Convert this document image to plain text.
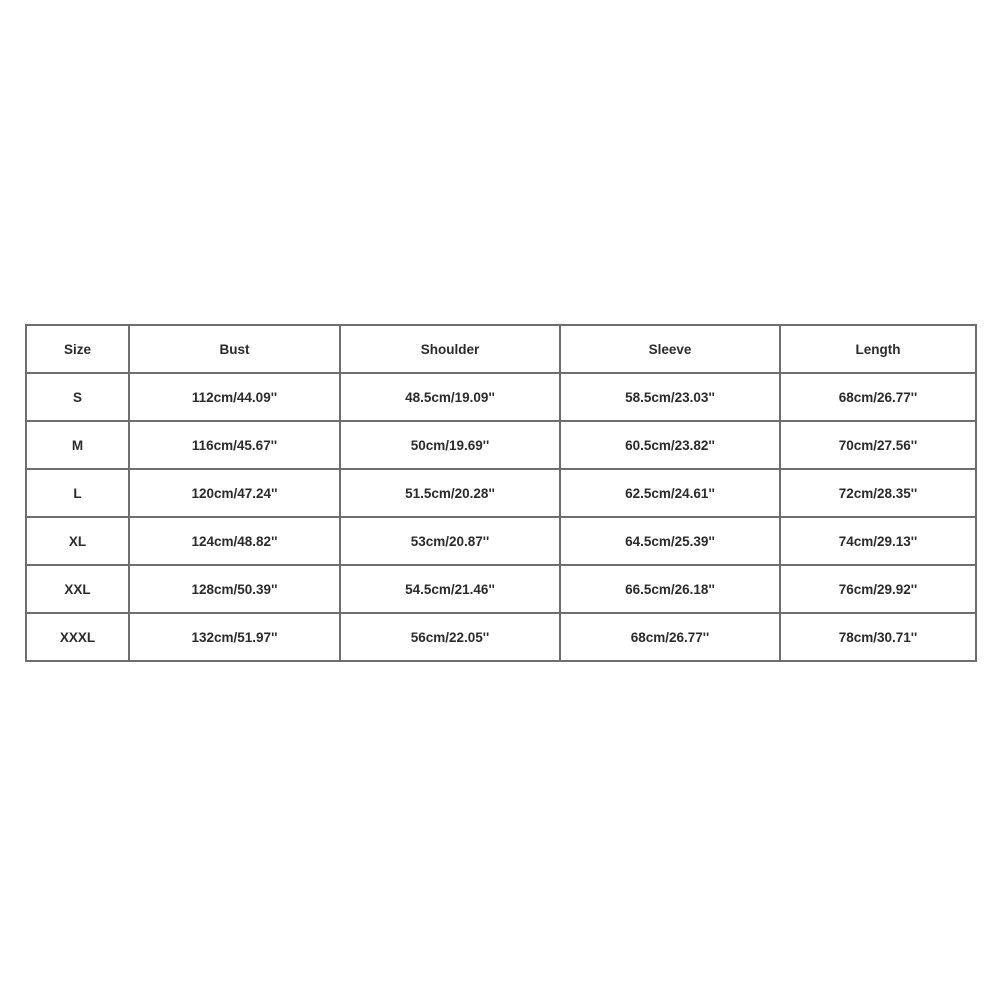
Size	Bust	Shoulder	Sleeve	Length
S	112cm/44.09''	48.5cm/19.09''	58.5cm/23.03''	68cm/26.77''
M	116cm/45.67''	50cm/19.69''	60.5cm/23.82''	70cm/27.56''
L	120cm/47.24''	51.5cm/20.28''	62.5cm/24.61''	72cm/28.35''
XL	124cm/48.82''	53cm/20.87''	64.5cm/25.39''	74cm/29.13''
XXL	128cm/50.39''	54.5cm/21.46''	66.5cm/26.18''	76cm/29.92''
XXXL	132cm/51.97''	56cm/22.05''	68cm/26.77''	78cm/30.71''
